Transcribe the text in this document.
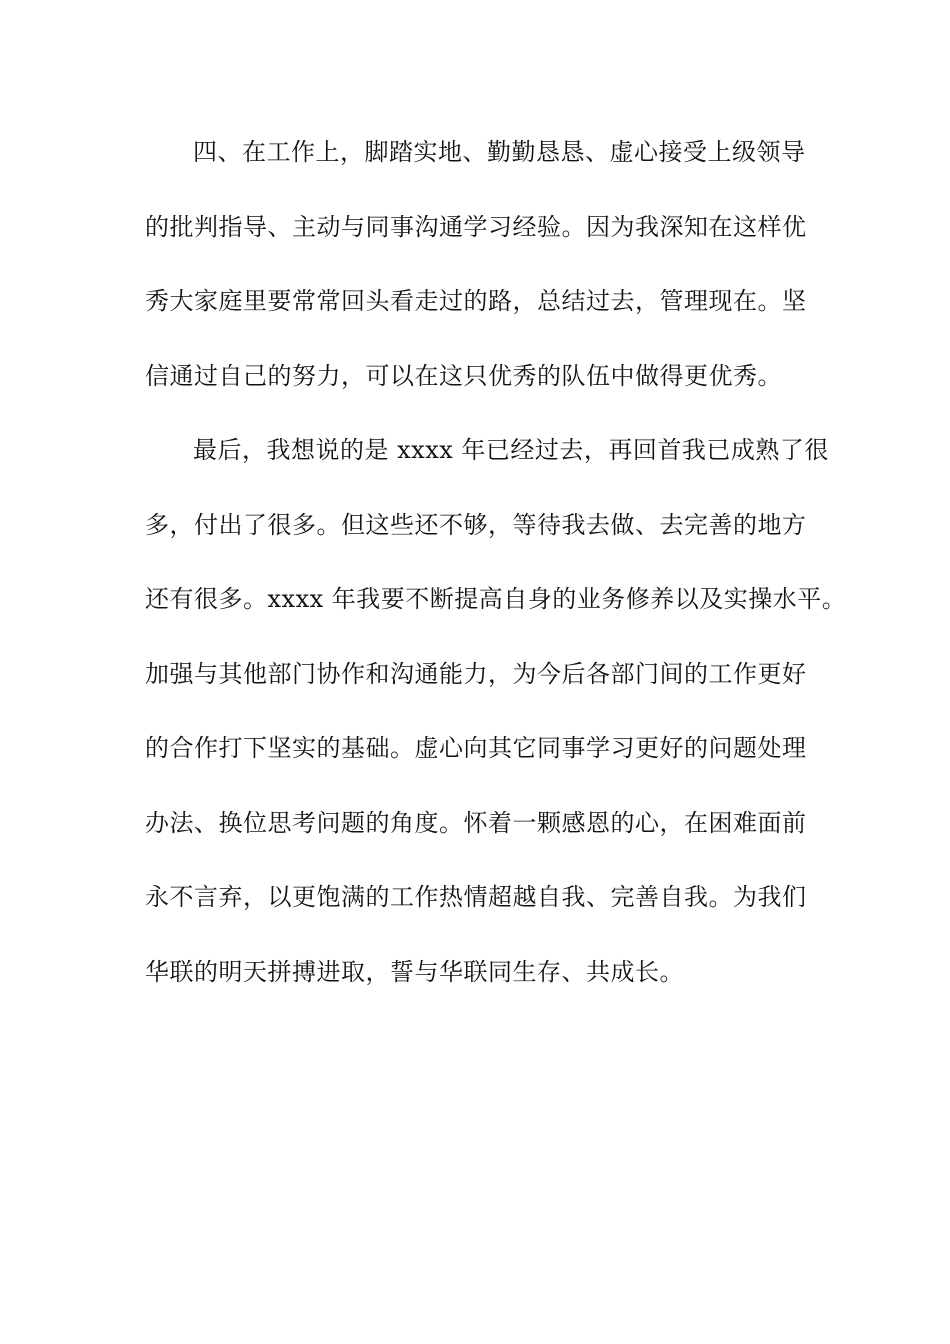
四、在工作上，脚踏实地、勤勤恳恳、虚心接受上级领导
的批判指导、主动与同事沟通学习经验。因为我深知在这样优
秀大家庭里要常常回头看走过的路，总结过去，管理现在。坚
信通过自己的努力，可以在这只优秀的队伍中做得更优秀。
最后，我想说的是 xxxx 年已经过去，再回首我已成熟了很
多，付出了很多。但这些还不够，等待我去做、去完善的地方
还有很多。xxxx 年我要不断提高自身的业务修养以及实操水平。
加强与其他部门协作和沟通能力，为今后各部门间的工作更好
的合作打下坚实的基础。虚心向其它同事学习更好的问题处理
办法、换位思考问题的角度。怀着一颗感恩的心，在困难面前
永不言弃，以更饱满的工作热情超越自我、完善自我。为我们
华联的明天拼搏进取，誓与华联同生存、共成长。
